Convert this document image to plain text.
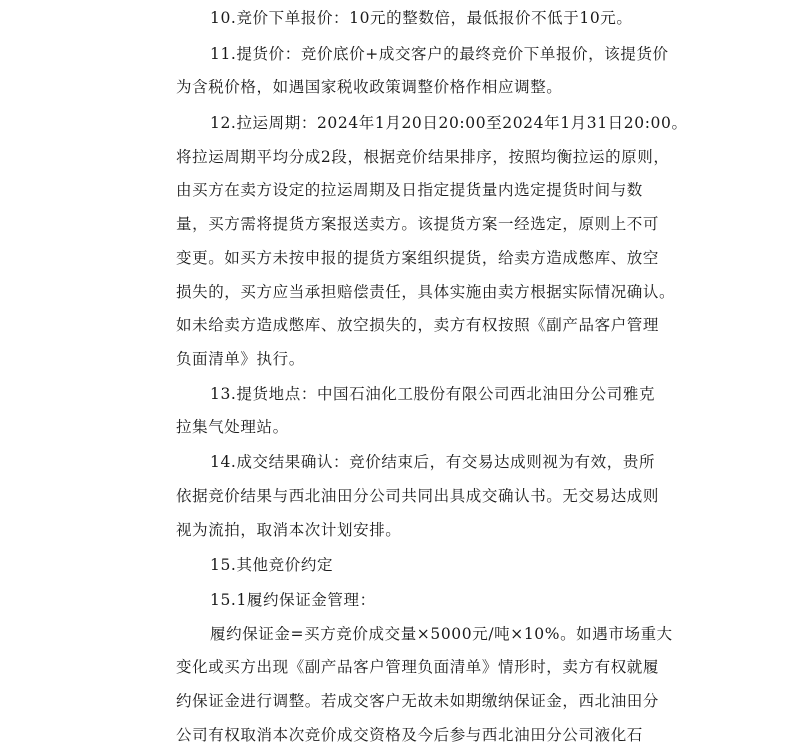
10.竞价下单报价：10元的整数倍，最低报价不低于10元。
11.提货价：竞价底价+成交客户的最终竞价下单报价，该提货价
为含税价格，如遇国家税收政策调整价格作相应调整。
12.拉运周期：2024年1月20日20:00至2024年1月31日20:00。
将拉运周期平均分成2段，根据竞价结果排序，按照均衡拉运的原则，
由买方在卖方设定的拉运周期及日指定提货量内选定提货时间与数
量，买方需将提货方案报送卖方。该提货方案一经选定，原则上不可
变更。如买方未按申报的提货方案组织提货，给卖方造成憋库、放空
损失的，买方应当承担赔偿责任，具体实施由卖方根据实际情况确认。
如未给卖方造成憋库、放空损失的，卖方有权按照《副产品客户管理
负面清单》执行。
13.提货地点：中国石油化工股份有限公司西北油田分公司雅克
拉集气处理站。
14.成交结果确认：竞价结束后，有交易达成则视为有效，贵所
依据竞价结果与西北油田分公司共同出具成交确认书。无交易达成则
视为流拍，取消本次计划安排。
15.其他竞价约定
15.1履约保证金管理：
履约保证金=买方竞价成交量×5000元/吨×10%。如遇市场重大
变化或买方出现《副产品客户管理负面清单》情形时，卖方有权就履
约保证金进行调整。若成交客户无故未如期缴纳保证金，西北油田分
公司有权取消本次竞价成交资格及今后参与西北油田分公司液化石
